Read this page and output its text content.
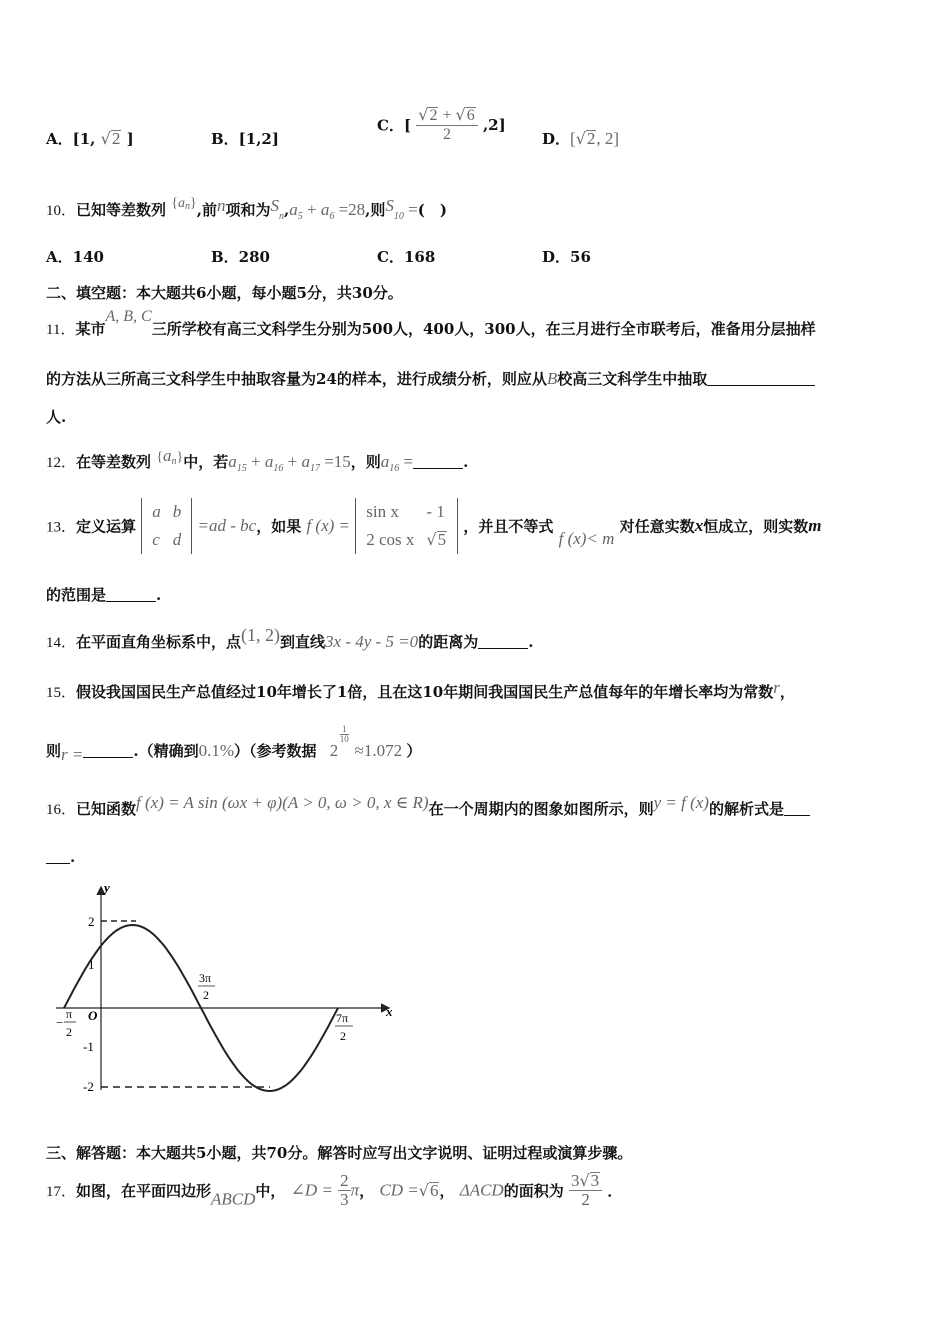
A．[1, √2 ]	B．[1,2]
C．[ $\frac{√2 + √6}{2} ,2$]
D．[√2, 2]
10．已知等差数列 $\{a^n\}$,前n项和为$S_n,a_5 + a_6 =28$,则$S_{10}$ =(　)
A．140	B．280	C．168	D．56
二、填空题：本大题共6小题，每小题5分，共30分。
11．某市A, B, C三所学校有高三文科学生分别为500人，400人，300人，在三月进行全市联考后，准备用分层抽样
的方法从三所高三文科学生中抽取容量为24的样本，进行成绩分析，则应从B校高三文科学生中抽取
人.
12．在等差数列 $\{a^n\}$中，若$a_{15} + a_{16} + a_{17} =15$，则$a_{16}$ =	.
13．定义运算
a	b
c	d
=ad - bc，如果 f (x) =
sin x	- 1
2 cos x	√5
，并且不等式 f (x)< m 对任意实数x恒成立，则实数m
的范围是	.
14．在平面直角坐标系中，点(1, 2)到直线3x - 4y - 5 =0的距离为	.
15．假设我国国民生产总值经过10年增长了1倍，且在这10年期间我国国民生产总值每年的年增长率均为常数r，
则r =	.（精确到0.1%）（参考数据 2
1
10
≈1.072 ）
16．已知函数f (x) = A sin (ωx + φ)(A > 0, ω > 0, x ∈ R)在一个周期内的图象如图所示，则y = f (x)的解析式是
.
x
y
O
2
1
-1
-2
−
π
2
3π
2
7π
2
三、解答题：本大题共5小题，共70分。解答时应写出文字说明、证明过程或演算步骤。
17．如图，在平面四边形ABCD中， ∠D = $\frac{2}{3}$ π， CD =√6， ΔACD的面积为 $\frac{3√3}{2}$ ．
